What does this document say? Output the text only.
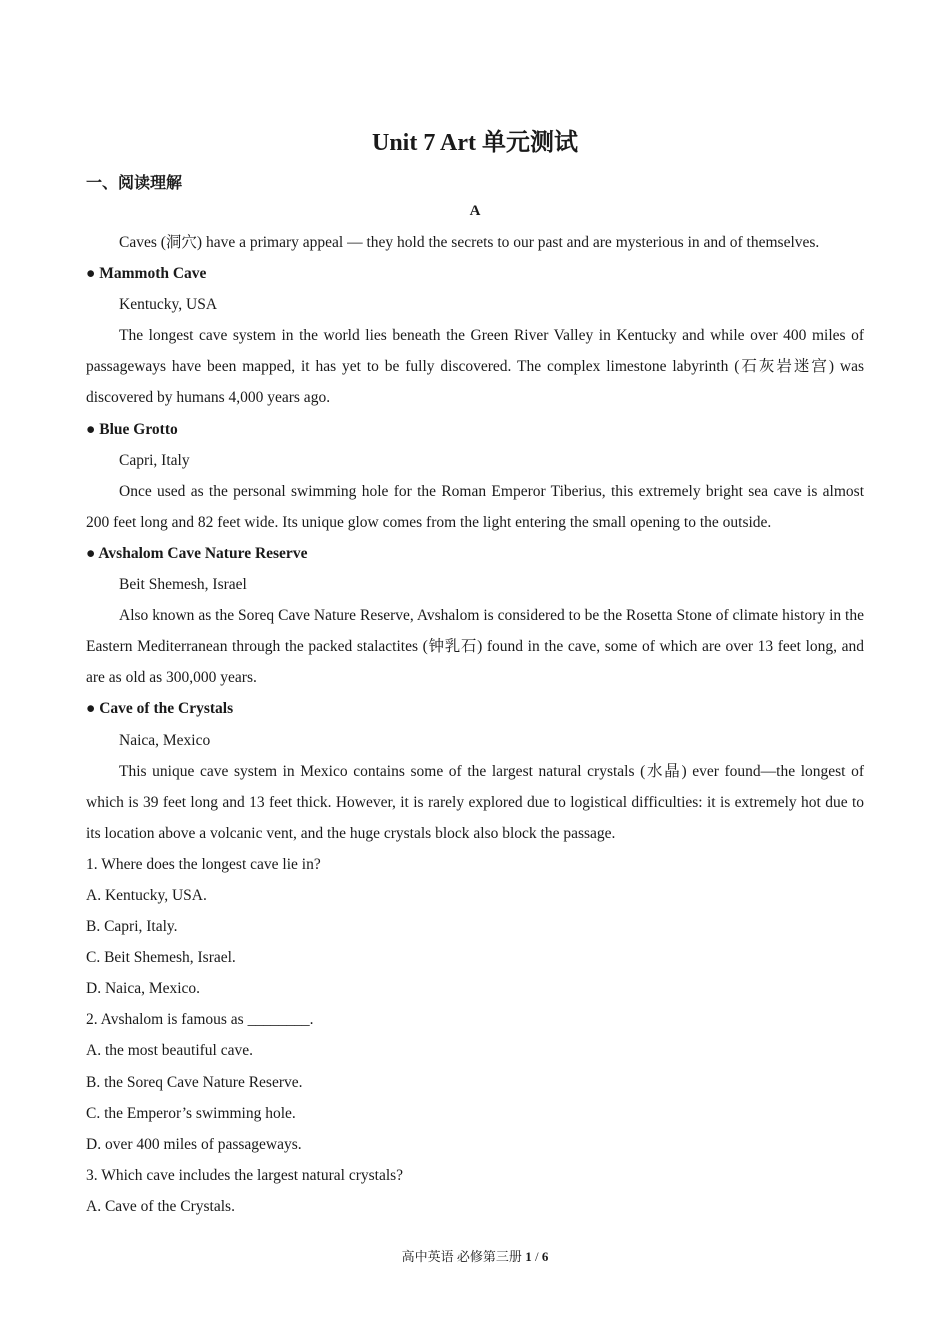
Unit 7 Art 单元测试
一、阅读理解
A
Caves (洞穴) have a primary appeal — they hold the secrets to our past and are mysterious in and of themselves.
● Mammoth Cave
Kentucky, USA
The longest cave system in the world lies beneath the Green River Valley in Kentucky and while over 400 miles of passageways have been mapped, it has yet to be fully discovered. The complex limestone labyrinth (石灰岩迷宫) was discovered by humans 4,000 years ago.
● Blue Grotto
Capri, Italy
Once used as the personal swimming hole for the Roman Emperor Tiberius, this extremely bright sea cave is almost 200 feet long and 82 feet wide. Its unique glow comes from the light entering the small opening to the outside.
● Avshalom Cave Nature Reserve
Beit Shemesh, Israel
Also known as the Soreq Cave Nature Reserve, Avshalom is considered to be the Rosetta Stone of climate history in the Eastern Mediterranean through the packed stalactites (钟乳石) found in the cave, some of which are over 13 feet long, and are as old as 300,000 years.
● Cave of the Crystals
Naica, Mexico
This unique cave system in Mexico contains some of the largest natural crystals (水晶) ever found—the longest of which is 39 feet long and 13 feet thick. However, it is rarely explored due to logistical difficulties: it is extremely hot due to its location above a volcanic vent, and the huge crystals block also block the passage.
1. Where does the longest cave lie in?
A. Kentucky, USA.
B. Capri, Italy.
C. Beit Shemesh, Israel.
D. Naica, Mexico.
2. Avshalom is famous as ________.
A. the most beautiful cave.
B. the Soreq Cave Nature Reserve.
C. the Emperor’s swimming hole.
D. over 400 miles of passageways.
3. Which cave includes the largest natural crystals?
A. Cave of the Crystals.
高中英语 必修第三册 1 / 6
